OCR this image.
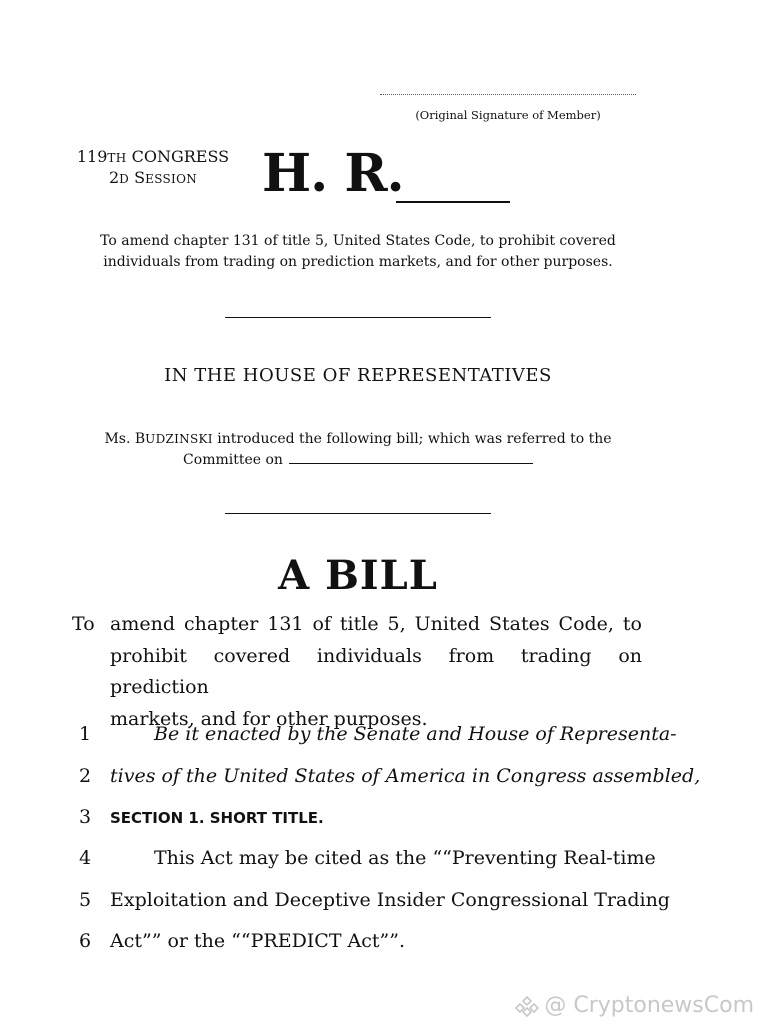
(Original Signature of Member)
119TH CONGRESS
2D SESSION	H. R.
To amend chapter 131 of title 5, United States Code, to prohibit covered individuals from trading on prediction markets, and for other purposes.
IN THE HOUSE OF REPRESENTATIVES
Ms. BUDZINSKI introduced the following bill; which was referred to the
Committee on
A BILL
To amend chapter 131 of title 5, United States Code, to
prohibit covered individuals from trading on prediction
markets, and for other purposes.
1	Be it enacted by the Senate and House of Representa-
2 tives of the United States of America in Congress assembled,
3	SECTION 1. SHORT TITLE.
4	This Act may be cited as the ““Preventing Real-time
5 Exploitation and Deceptive Insider Congressional Trading
6 Act”” or the ““PREDICT Act””.
@ CryptonewsCom
